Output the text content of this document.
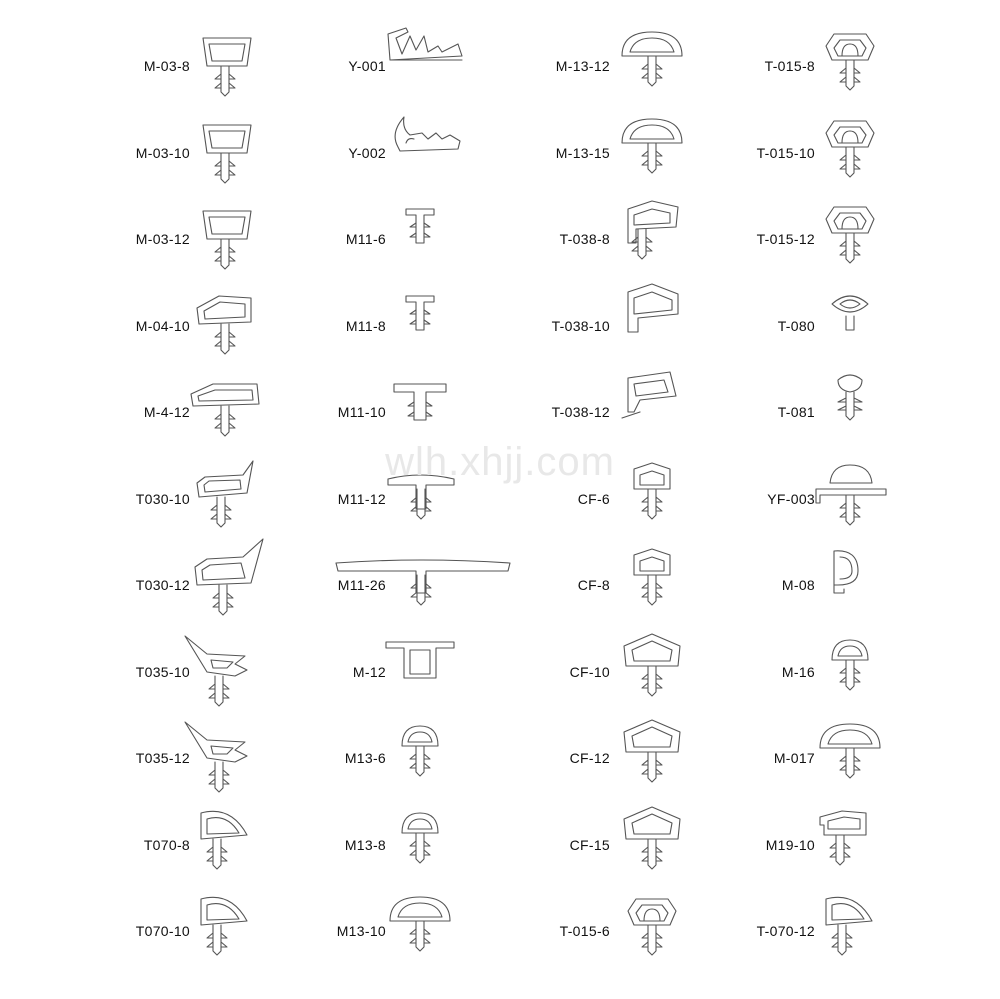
M-03-8
M-03-10
M-03-12
M-04-10
M-4-12
T030-10
T030-12
T035-10
T035-12
T070-8
T070-10
Y-001
Y-002
M11-6
M11-8
M11-10
M11-12
M11-26
M-12
M13-6
M13-8
M13-10
M-13-12
M-13-15
T-038-8
T-038-10
T-038-12
CF-6
CF-8
CF-10
CF-12
CF-15
T-015-6
T-015-8
T-015-10
T-015-12
T-080
T-081
YF-003
M-08
M-16
M-017
M19-10
T-070-12
wlh.xhjj.com
